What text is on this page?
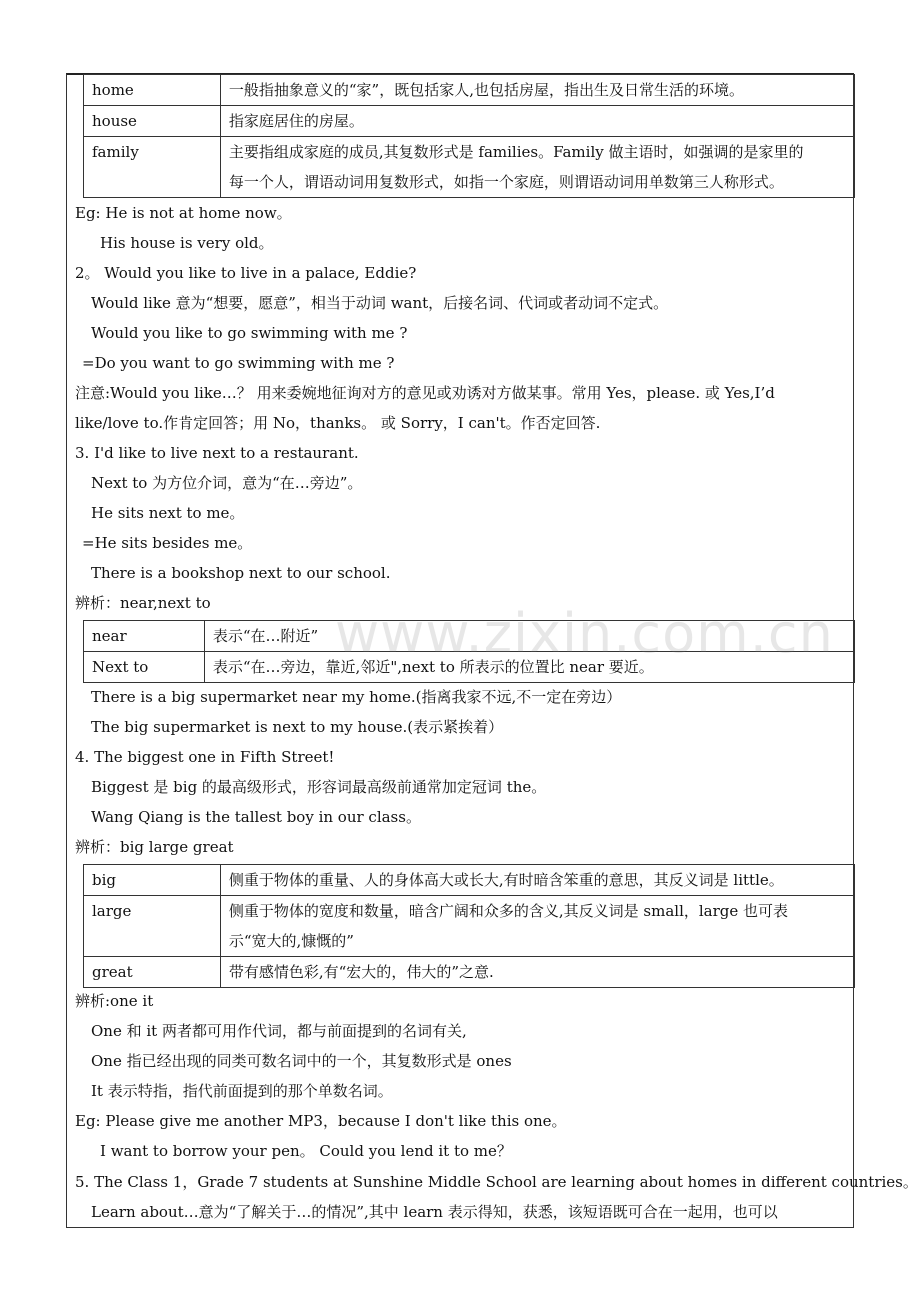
home	一般指抽象意义的“家”，既包括家人,也包括房屋，指出生及日常生活的环境。
house	指家庭居住的房屋。
family	主要指组成家庭的成员,其复数形式是 families。Family 做主语时，如强调的是家里的
每一个人，谓语动词用复数形式，如指一个家庭，则谓语动词用单数第三人称形式。
Eg: He is not at home now。
His house is very old。
2。 Would you like to live in a palace, Eddie?
Would like 意为“想要，愿意”，相当于动词 want，后接名词、代词或者动词不定式。
Would you like to go swimming with me ?
=Do you want to go swimming with me ?
注意:Would you like…？ 用来委婉地征询对方的意见或劝诱对方做某事。常用 Yes，please. 或 Yes,I’d
like/love to.作肯定回答；用 No，thanks。 或 Sorry，I can't。作否定回答.
3. I'd like to live next to a restaurant.
Next to 为方位介词，意为“在…旁边”。
He sits next to me。
=He sits besides me。
There is a bookshop next to our school.
辨析：near,next to
near	表示“在…附近”
Next to	表示“在…旁边，靠近,邻近",next to 所表示的位置比 near 要近。
There is a big supermarket near my home.(指离我家不远,不一定在旁边）
The big supermarket is next to my house.(表示紧挨着）
4. The biggest one in Fifth Street!
Biggest 是 big 的最高级形式，形容词最高级前通常加定冠词 the。
Wang Qiang is the tallest boy in our class。
辨析：big large great
big	侧重于物体的重量、人的身体高大或长大,有时暗含笨重的意思，其反义词是 little。
large	侧重于物体的宽度和数量，暗含广阔和众多的含义,其反义词是 small，large 也可表
示“宽大的,慷慨的”

great	带有感情色彩,有“宏大的，伟大的”之意.
辨析:one it
One 和 it 两者都可用作代词，都与前面提到的名词有关,
One 指已经出现的同类可数名词中的一个，其复数形式是 ones
It 表示特指，指代前面提到的那个单数名词。
Eg: Please give me another MP3，because I don't like this one。
I want to borrow your pen。 Could you lend it to me？
5. The Class 1，Grade 7 students at Sunshine Middle School are learning about homes in different countries。
Learn about…意为“了解关于…的情况”,其中 learn 表示得知，获悉，该短语既可合在一起用，也可以
www.zixin.com.cn
